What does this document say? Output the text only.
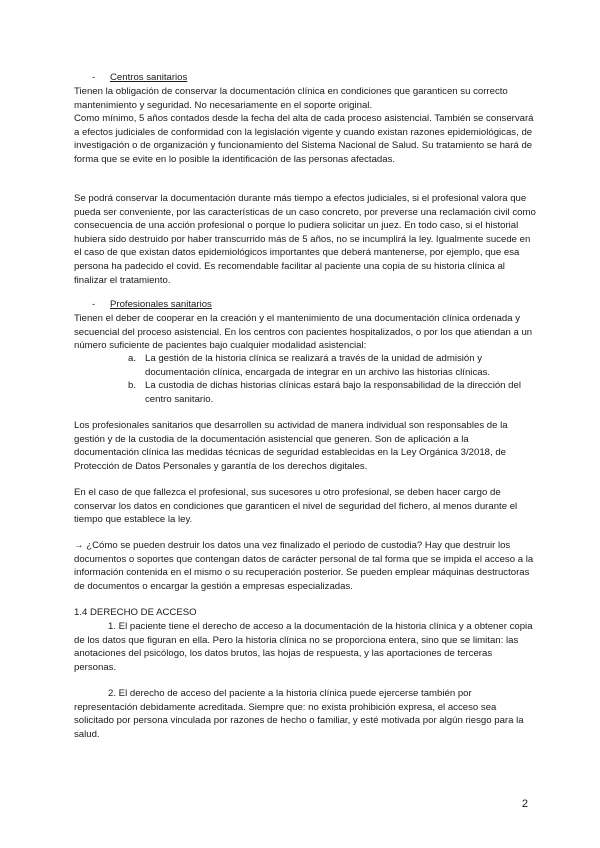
- Centros sanitarios

Tienen la obligación de conservar la documentación clínica en condiciones que garanticen su correcto mantenimiento y seguridad. No necesariamente en el soporte original.

Como mínimo, 5 años contados desde la fecha del alta de cada proceso asistencial. También se conservará a efectos judiciales de conformidad con la legislación vigente y cuando existan razones epidemiológicas, de investigación o de organización y funcionamiento del Sistema Nacional de Salud. Su tratamiento se hará de forma que se evite en lo posible la identificación de las personas afectadas.

Se podrá conservar la documentación durante más tiempo a efectos judiciales, si el profesional valora que pueda ser conveniente, por las características de un caso concreto, por preverse una reclamación civil como consecuencia de una acción profesional o porque lo pudiera solicitar un juez. En todo caso, si el historial hubiera sido destruido por haber transcurrido más de 5 años, no se incumplirá la ley. Igualmente sucede en el caso de que existan datos epidemiológicos importantes que deberá mantenerse, por ejemplo, que esa persona ha padecido el covid. Es recomendable facilitar al paciente una copia de su historia clínica al finalizar el tratamiento.

- Profesionales sanitarios

Tienen el deber de cooperar en la creación y el mantenimiento de una documentación clínica ordenada y secuencial del proceso asistencial. En los centros con pacientes hospitalizados, o por los que atiendan a un número suficiente de pacientes bajo cualquier modalidad asistencial:

a. La gestión de la historia clínica se realizará a través de la unidad de admisión y documentación clínica, encargada de integrar en un archivo las historias clínicas.
b. La custodia de dichas historias clínicas estará bajo la responsabilidad de la dirección del centro sanitario.

Los profesionales sanitarios que desarrollen su actividad de manera individual son responsables de la gestión y de la custodia de la documentación asistencial que generen. Son de aplicación a la documentación clínica las medidas técnicas de seguridad establecidas en la Ley Orgánica 3/2018, de Protección de Datos Personales y garantía de los derechos digitales.

En el caso de que fallezca el profesional, sus sucesores u otro profesional, se deben hacer cargo de conservar los datos en condiciones que garanticen el nivel de seguridad del fichero, al menos durante el tiempo que establece la ley.

→ ¿Cómo se pueden destruir los datos una vez finalizado el periodo de custodia? Hay que destruir los documentos o soportes que contengan datos de carácter personal de tal forma que se impida el acceso a la información contenida en el mismo o su recuperación posterior. Se pueden emplear máquinas destructoras de documentos o encargar la gestión a empresas especializadas.

1.4 DERECHO DE ACCESO

1. El paciente tiene el derecho de acceso a la documentación de la historia clínica y a obtener copia de los datos que figuran en ella. Pero la historia clínica no se proporciona entera, sino que se limitan: las anotaciones del psicólogo, los datos brutos, las hojas de respuesta, y las aportaciones de terceras personas.

2. El derecho de acceso del paciente a la historia clínica puede ejercerse también por representación debidamente acreditada. Siempre que: no exista prohibición expresa, el acceso sea solicitado por persona vinculada por razones de hecho o familiar, y esté motivada por algún riesgo para la salud.

2
